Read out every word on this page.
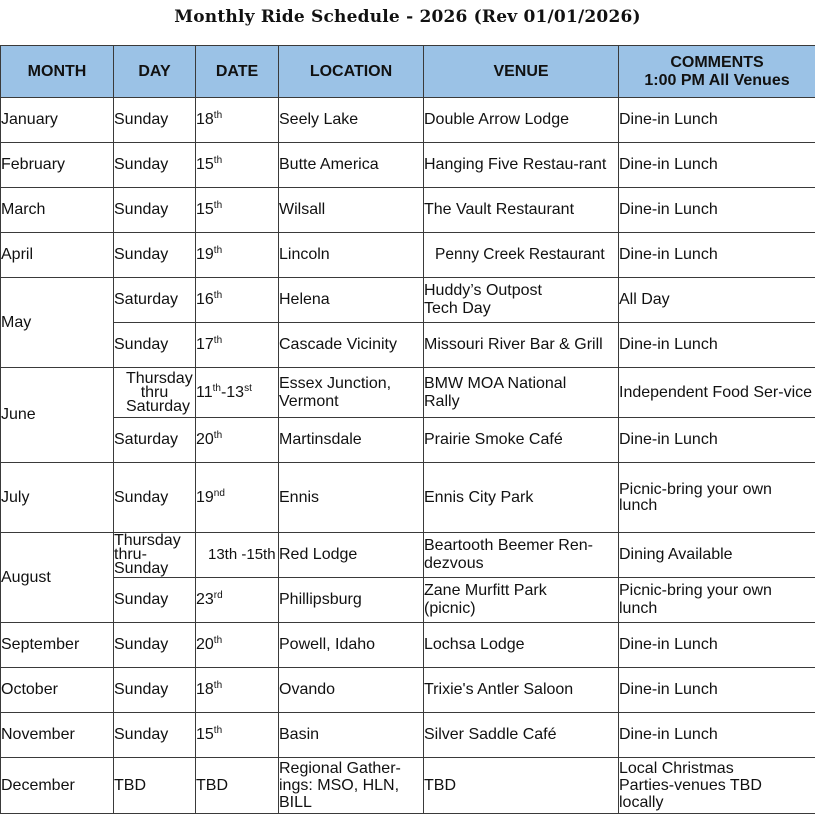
Monthly Ride Schedule - 2026 (Rev 01/01/2026)
MONTH	DAY	DATE	LOCATION	VENUE	COMMENTS
1:00 PM All Venues

January	Sunday	18th	Seely Lake	Double Arrow Lodge	Dine-in Lunch
February	Sunday	15th	Butte America	Hanging Five Restau-rant	Dine-in Lunch
March	Sunday	15th	Wilsall	The Vault Restaurant	Dine-in Lunch
April	Sunday	19th	Lincoln	Penny Creek Restaurant	Dine-in Lunch
May	Saturday	16th	Helena	Huddy’s Outpost Tech Day	All Day
	Sunday	17th	Cascade Vicinity	Missouri River Bar & Grill	Dine-in Lunch
June	Thursday thru Saturday	11th-13st	Essex Junction, Vermont	BMW MOA National Rally	Independent Food Ser-vice
	Saturday	20th	Martinsdale	Prairie Smoke Café	Dine-in Lunch
July	Sunday	19nd	Ennis	Ennis City Park	Picnic-bring your own lunch
August	Thursday thru-Sunday	13th -15th	Red Lodge	Beartooth Beemer Ren-dezvous	Dining Available
	Sunday	23rd	Phillipsburg	Zane Murfitt Park (picnic)	Picnic-bring your own lunch
September	Sunday	20th	Powell, Idaho	Lochsa Lodge	Dine-in Lunch
October	Sunday	18th	Ovando	Trixie's Antler Saloon	Dine-in Lunch
November	Sunday	15th	Basin	Silver Saddle Café	Dine-in Lunch
December	TBD	TBD	Regional Gather-ings: MSO, HLN, BILL	TBD	Local Christmas Parties-venues TBD locally
